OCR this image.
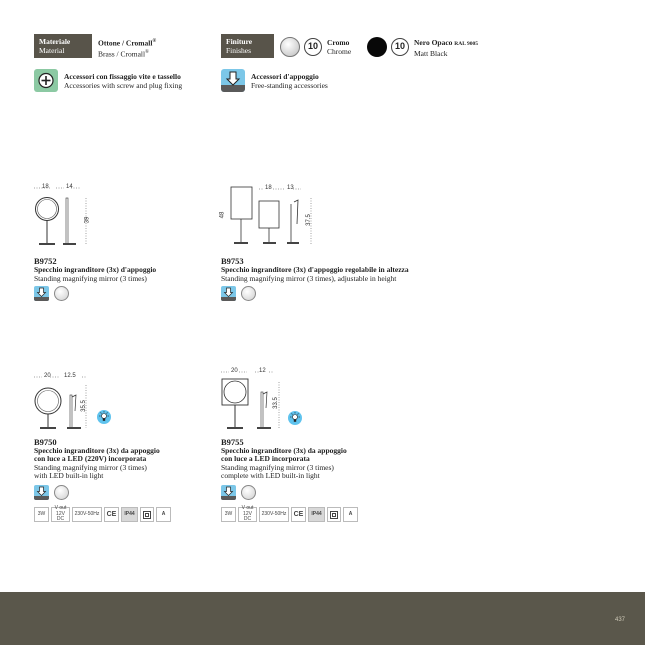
Materiale
Material
Ottone / Cromall®
Brass / Cromall®
Finiture
Finishes	10	Cromo
Chrome
10	Nero Opaco RAL 9005
Matt Black
Accessori con fissaggio vite e tassello
Accessories with screw and plug fixing
Accessori d'appoggio
Free-standing accessories
18	14
39
B9752
Specchio ingranditore (3x) d'appoggio
Standing magnifying mirror (3 times)
18	13
48	37.5
B9753
Specchio ingranditore (3x) d'appoggio regolabile in altezza
Standing magnifying mirror (3 times), adjustable in height
20 12.5
35.5
B9750
Specchio ingranditore (3x) da appoggio
con luce a LED (220V) incorporata
Standing magnifying mirror (3 times)
with LED built-in light
3W
V out
12V DC
230V-50Hz	CE	IP44	A
20	12
33.5
B9755
Specchio ingranditore (3x) da appoggio
con luce a LED incorporata
Standing magnifying mirror (3 times)
complete with LED built-in light
3W
V out
12V DC
230V-50Hz	CE	IP44	A
437
